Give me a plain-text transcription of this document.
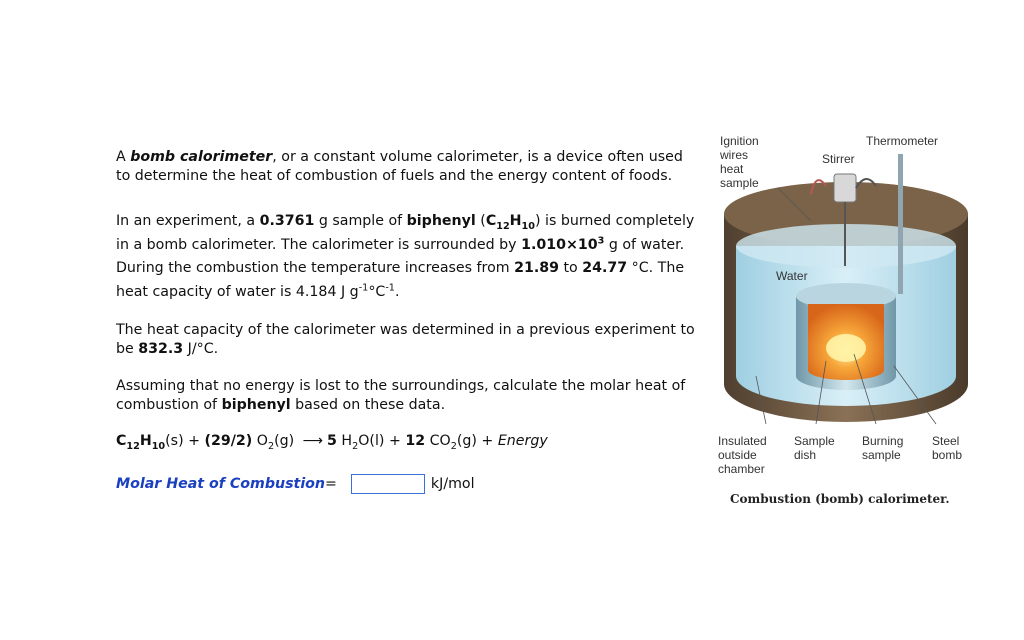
A bomb calorimeter, or a constant volume calorimeter, is a device often used to determine the heat of combustion of fuels and the energy content of foods.

In an experiment, a 0.3761 g sample of biphenyl $(C_{12}H_{10})$ is burned completely in a bomb calorimeter. The calorimeter is surrounded by $1.010\times 10^3$ g of water. During the combustion the temperature increases from 21.89 to 24.77 °C. The heat capacity of water is 4.184 J $g^{-1}^\circ C^{-1}$.

The heat capacity of the calorimeter was determined in a previous experiment to be 832.3 J/°C.

Assuming that no energy is lost to the surroundings, calculate the molar heat of combustion of biphenyl based on these data.

$C_{12}H_{10}(s) + (29/2)$ $O_2(g)$ ⟶ 5 $H_2O(l) + 12$ $CO_2(g)$ + Energy
Molar Heat of Combustion =	kJ/mol
Ignition
wires
heat
sample
Thermometer
Stirrer
Water
Insulated
outside
chamber
Sample
dish
Burning
sample
Steel
bomb
Combustion (bomb) calorimeter.
